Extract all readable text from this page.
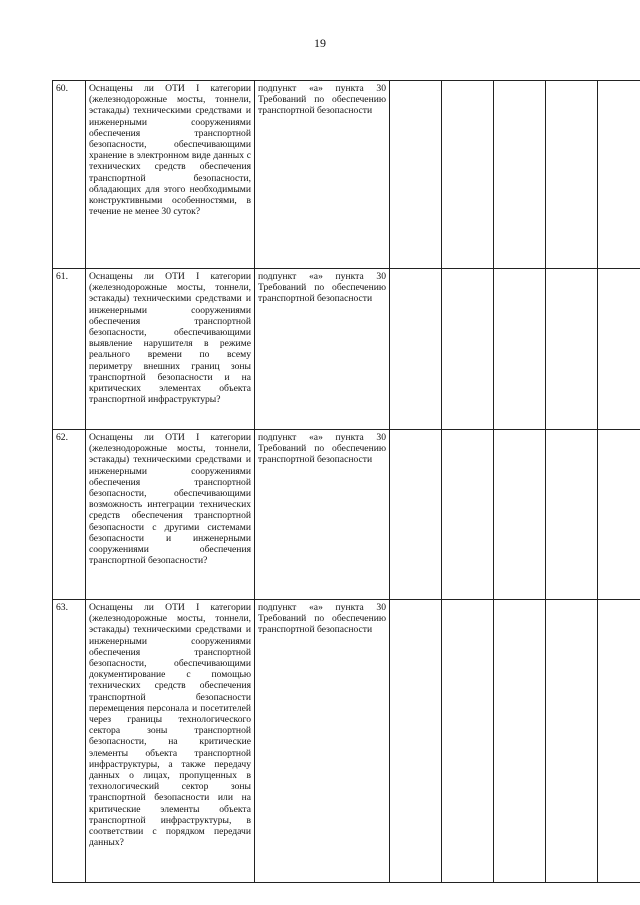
19
60.	Оснащены ли ОТИ I категории (железнодорожные мосты, тоннели, эстакады) техническими средствами и инженерными сооружениями обеспечения транспортной безопасности, обеспечивающими хранение в электронном виде данных с технических средств обеспечения транспортной безопасности, обладающих для этого необходимыми конструктивными особенностями, в течение не менее 30 суток?	подпункт «а» пункта 30 Требований по обеспечению транспортной безопасности					
61.	Оснащены ли ОТИ I категории (железнодорожные мосты, тоннели, эстакады) техническими средствами и инженерными сооружениями обеспечения транспортной безопасности, обеспечивающими выявление нарушителя в режиме реального времени по всему периметру внешних границ зоны транспортной безопасности и на критических элементах объекта транспортной инфраструктуры?	подпункт «а» пункта 30 Требований по обеспечению транспортной безопасности					
62.	Оснащены ли ОТИ I категории (железнодорожные мосты, тоннели, эстакады) техническими средствами и инженерными сооружениями обеспечения транспортной безопасности, обеспечивающими возможность интеграции технических средств обеспечения транспортной безопасности с другими системами безопасности и инженерными сооружениями обеспечения транспортной безопасности?	подпункт «а» пункта 30 Требований по обеспечению транспортной безопасности					
63.	Оснащены ли ОТИ I категории (железнодорожные мосты, тоннели, эстакады) техническими средствами и инженерными сооружениями обеспечения транспортной безопасности, обеспечивающими документирование с помощью технических средств обеспечения транспортной безопасности перемещения персонала и посетителей через границы технологического сектора зоны транспортной безопасности, на критические элементы объекта транспортной инфраструктуры, а также передачу данных о лицах, пропущенных в технологический сектор зоны транспортной безопасности или на критические элементы объекта транспортной инфраструктуры, в соответствии с порядком передачи данных?	подпункт «а» пункта 30 Требований по обеспечению транспортной безопасности					
